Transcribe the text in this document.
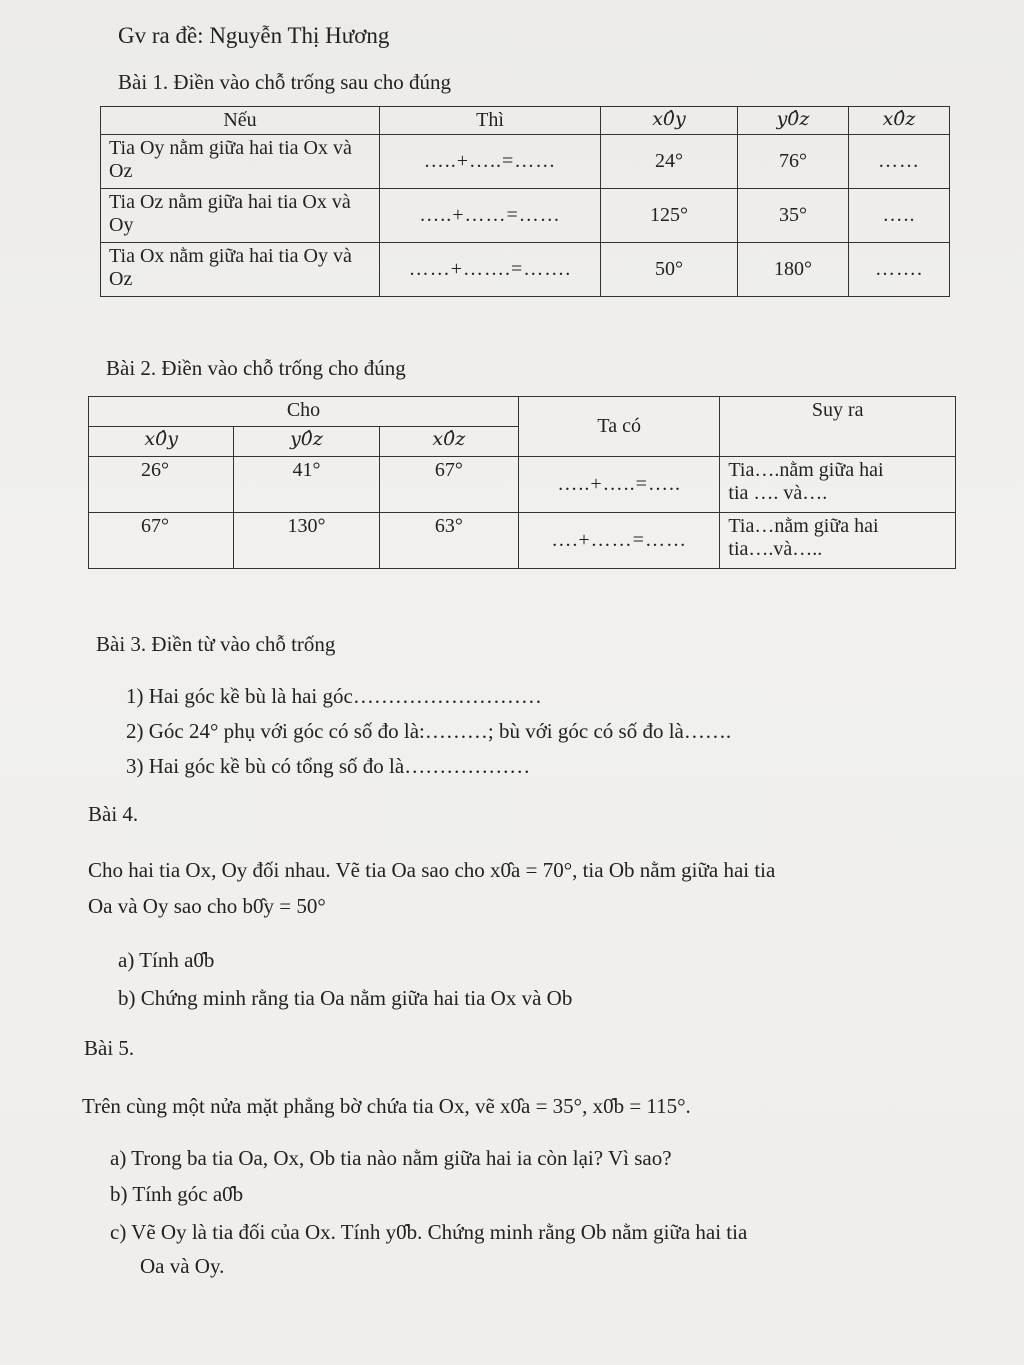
Gv ra đề: Nguyễn Thị Hương
Bài 1. Điền vào chỗ trống sau cho đúng
Nếu	Thì	x0̂y	y0̂z	x0̂z
Tia Oy nằm giữa hai tia Ox và Oz	…..+…..=……	24°	76°	……
Tia Oz nằm giữa hai tia Ox và Oy	…..+……=……	125°	35°	…..
Tia Ox nằm giữa hai tia Oy và Oz	……+…….=…….	50°	180°	…….
Bài 2. Điền vào chỗ trống cho đúng
Cho			Ta có	Suy ra
x0̂y	y0̂z	x0̂z		
26°	41°	67°	…..+…..=…..	Tia….nằm giữa hai
tia …. và….

67°	130°	63°	….+……=……	Tia…nằm giữa hai
tia….và…..
Bài 3. Điền từ vào chỗ trống
1) Hai góc kề bù là hai góc………………………
2) Góc 24° phụ với góc có số đo là:………; bù với góc có số đo là…….
3) Hai góc kề bù có tổng số đo là………………
Bài 4.
Cho hai tia Ox, Oy đối nhau. Vẽ tia Oa sao cho x0̂a = 70°, tia Ob nằm giữa hai tia
Oa và Oy sao cho b0̂y = 50°
a) Tính a0̂b
b) Chứng minh rằng tia Oa nằm giữa hai tia Ox và Ob
Bài 5.
Trên cùng một nửa mặt phẳng bờ chứa tia Ox, vẽ x0̂a = 35°, x0̂b = 115°.
a) Trong ba tia Oa, Ox, Ob tia nào nằm giữa hai ia còn lại? Vì sao?
b) Tính góc a0̂b
c) Vẽ Oy là tia đối của Ox. Tính y0̂b. Chứng minh rằng Ob nằm giữa hai tia
Oa và Oy.
